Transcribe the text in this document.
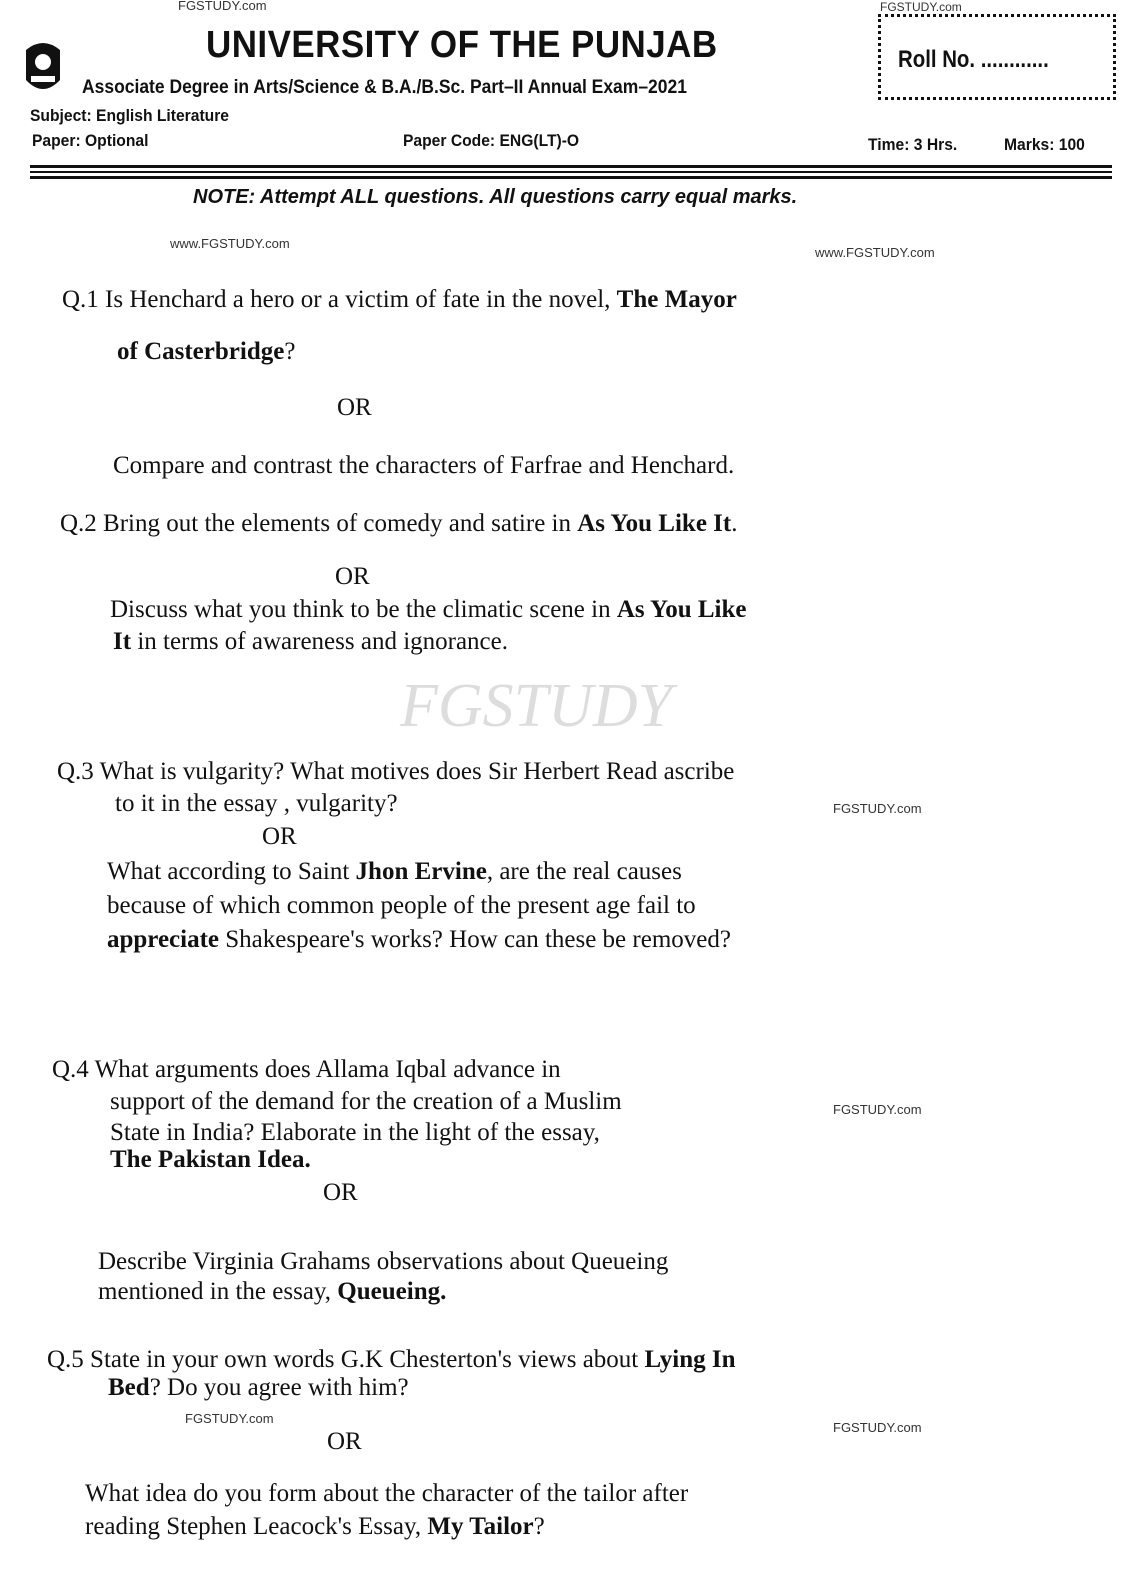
FGSTUDY.com	FGSTUDY.com
www.FGSTUDY.com
www.FGSTUDY.com
FGSTUDY.com
FGSTUDY.com
FGSTUDY.com
FGSTUDY.com
FGSTUDY
UNIVERSITY OF THE PUNJAB
Associate Degree in Arts/Science & B.A./B.Sc. Part–II Annual Exam–2021
Roll No. ............
Subject: English Literature
Paper: Optional	Paper Code: ENG(LT)-O	Time: 3 Hrs.	Marks: 100
NOTE: Attempt ALL questions. All questions carry equal marks.
Q.1 Is Henchard a hero or a victim of fate in the novel, The Mayor
of Casterbridge?
OR
Compare and contrast the characters of Farfrae and Henchard.
Q.2 Bring out the elements of comedy and satire in As You Like It.
OR
Discuss what you think to be the climatic scene in As You Like
It in terms of awareness and ignorance.
Q.3 What is vulgarity? What motives does Sir Herbert Read ascribe
to it in the essay , vulgarity?
OR
What according to Saint Jhon Ervine, are the real causes
because of which common people of the present age fail to
appreciate Shakespeare's works? How can these be removed?
Q.4 What arguments does Allama Iqbal advance in
support of the demand for the creation of a Muslim
State in India? Elaborate in the light of the essay,
The Pakistan Idea.
OR
Describe Virginia Grahams observations about Queueing
mentioned in the essay, Queueing.
Q.5 State in your own words G.K Chesterton's views about Lying In
Bed? Do you agree with him?
OR
What idea do you form about the character of the tailor after
reading Stephen Leacock's Essay, My Tailor?
